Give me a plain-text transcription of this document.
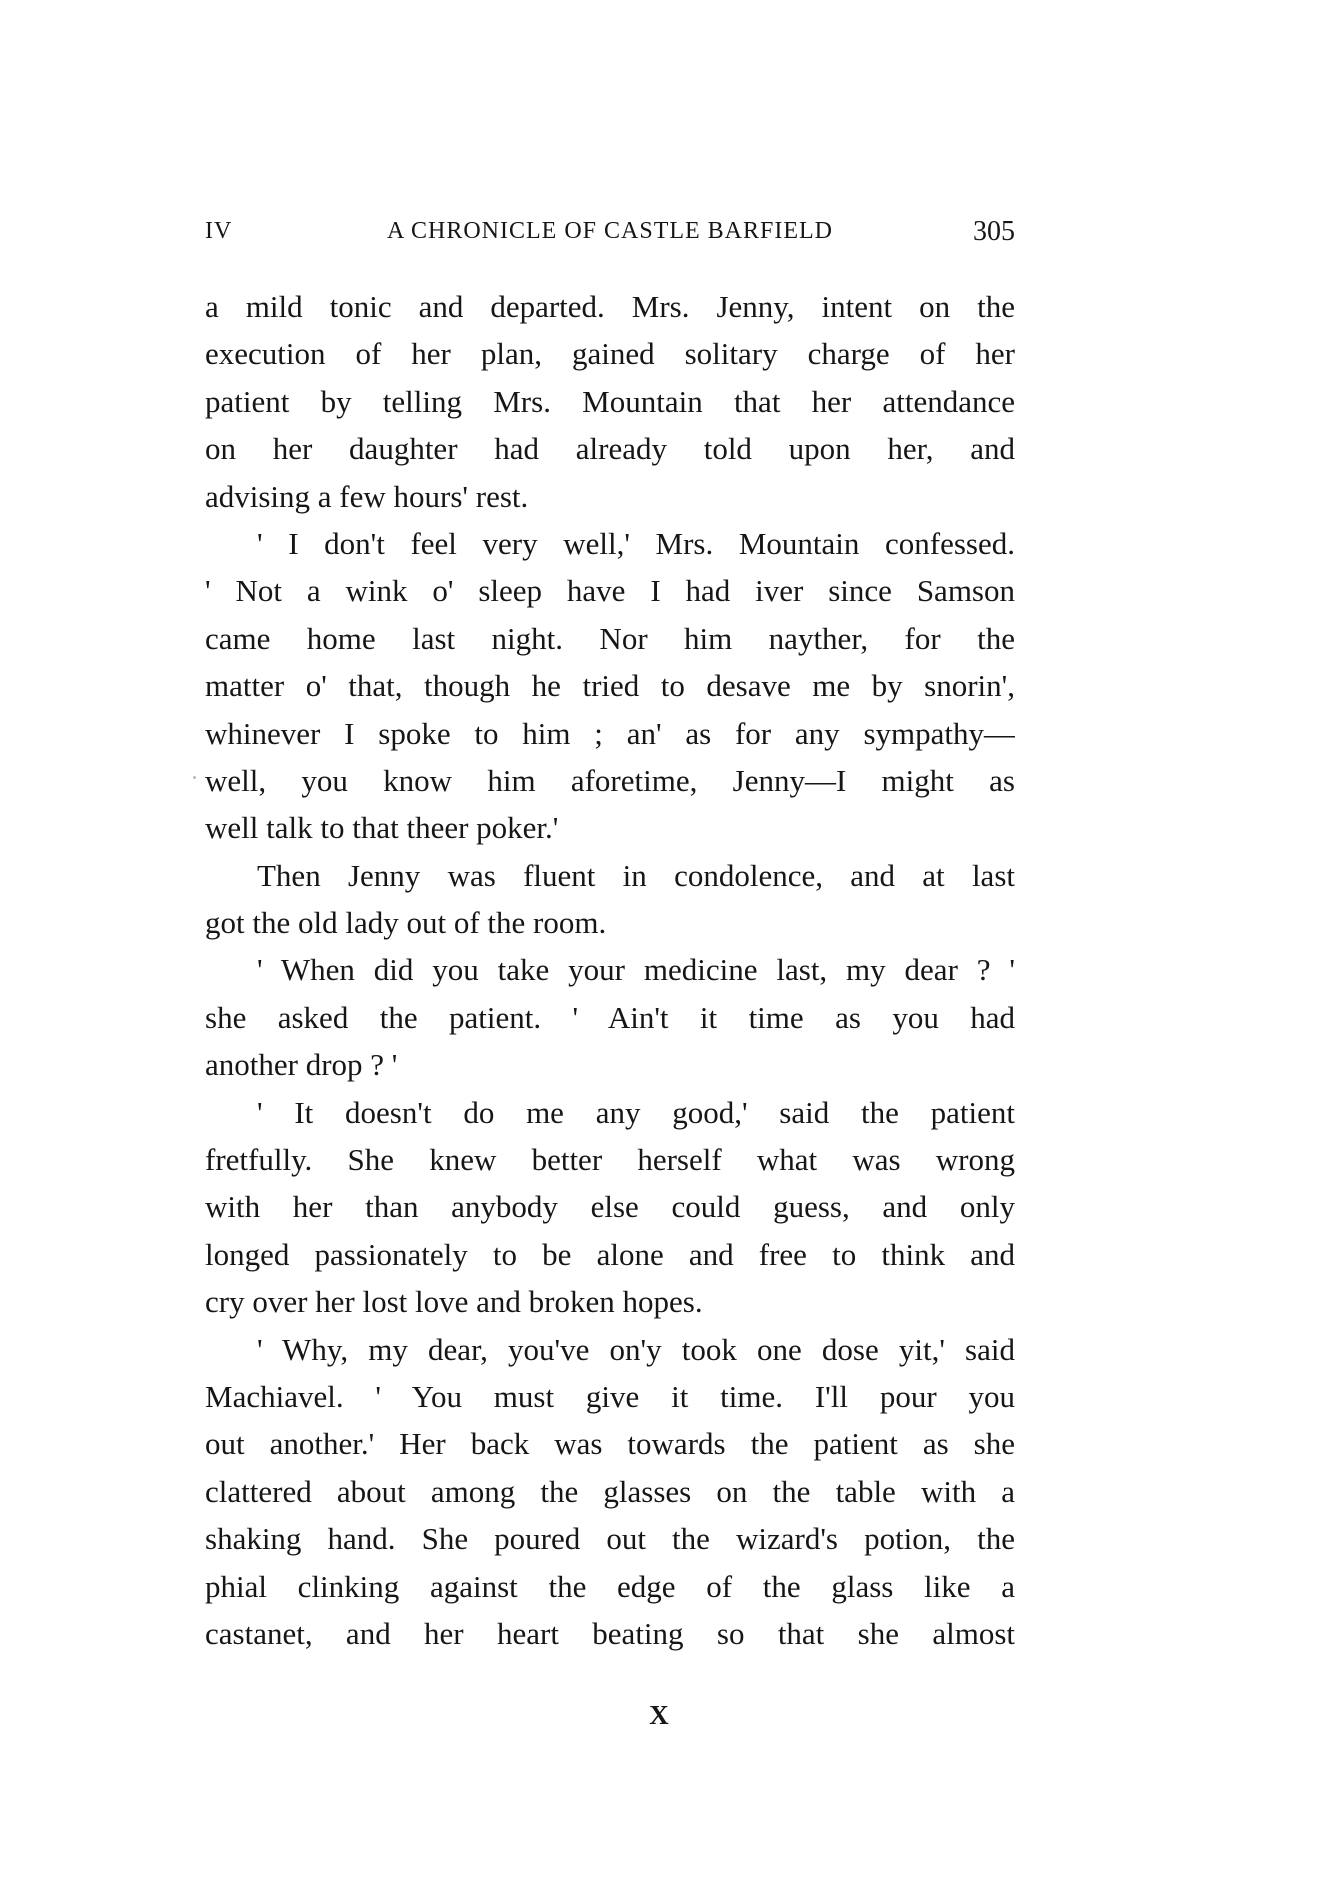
IV	A CHRONICLE OF CASTLE BARFIELD	305
a mild tonic and departed. Mrs. Jenny, intent on the
execution of her plan, gained solitary charge of her
patient by telling Mrs. Mountain that her attendance
on her daughter had already told upon her, and
advising a few hours' rest.
' I don't feel very well,' Mrs. Mountain confessed.
' Not a wink o' sleep have I had iver since Samson
came home last night. Nor him nayther, for the
matter o' that, though he tried to desave me by snorin',
whinever I spoke to him ; an' as for any sympathy—
well, you know him aforetime, Jenny—I might as
well talk to that theer poker.'
Then Jenny was fluent in condolence, and at last
got the old lady out of the room.
' When did you take your medicine last, my dear ? '
she asked the patient. ' Ain't it time as you had
another drop ? '
' It doesn't do me any good,' said the patient
fretfully. She knew better herself what was wrong
with her than anybody else could guess, and only
longed passionately to be alone and free to think and
cry over her lost love and broken hopes.
' Why, my dear, you've on'y took one dose yit,' said
Machiavel. ' You must give it time. I'll pour you
out another.' Her back was towards the patient as she
clattered about among the glasses on the table with a
shaking hand. She poured out the wizard's potion, the
phial clinking against the edge of the glass like a
castanet, and her heart beating so that she almost
X
